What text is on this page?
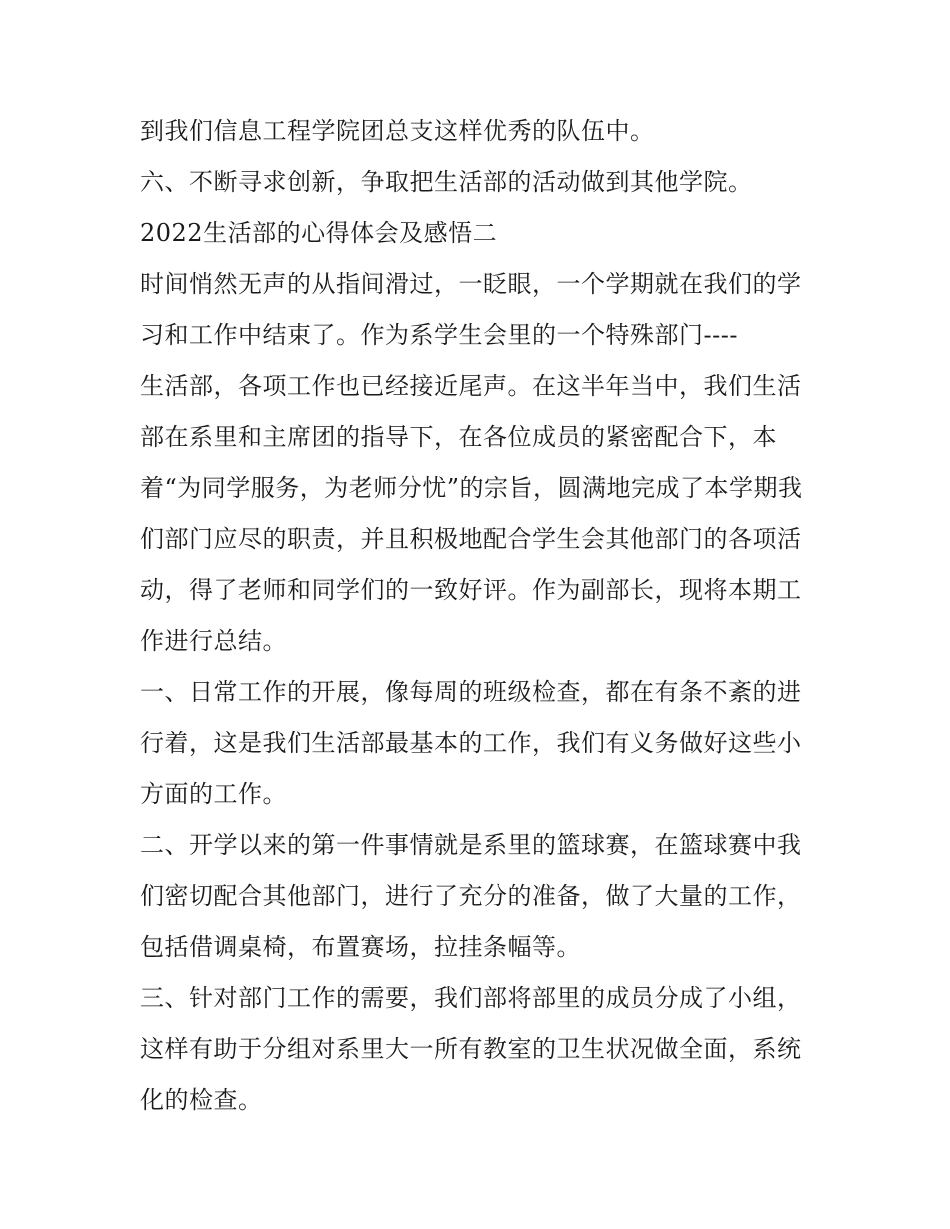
到我们信息工程学院团总支这样优秀的队伍中。
六、不断寻求创新，争取把生活部的活动做到其他学院。
2022生活部的心得体会及感悟二
时间悄然无声的从指间滑过，一眨眼，一个学期就在我们的学
习和工作中结束了。作为系学生会里的一个特殊部门----
生活部，各项工作也已经接近尾声。在这半年当中，我们生活
部在系里和主席团的指导下，在各位成员的紧密配合下，本
着“为同学服务，为老师分忧”的宗旨，圆满地完成了本学期我
们部门应尽的职责，并且积极地配合学生会其他部门的各项活
动，得了老师和同学们的一致好评。作为副部长，现将本期工
作进行总结。
一、日常工作的开展，像每周的班级检查，都在有条不紊的进
行着，这是我们生活部最基本的工作，我们有义务做好这些小
方面的工作。
二、开学以来的第一件事情就是系里的篮球赛，在篮球赛中我
们密切配合其他部门，进行了充分的准备，做了大量的工作，
包括借调桌椅，布置赛场，拉挂条幅等。
三、针对部门工作的需要，我们部将部里的成员分成了小组，
这样有助于分组对系里大一所有教室的卫生状况做全面，系统
化的检查。
